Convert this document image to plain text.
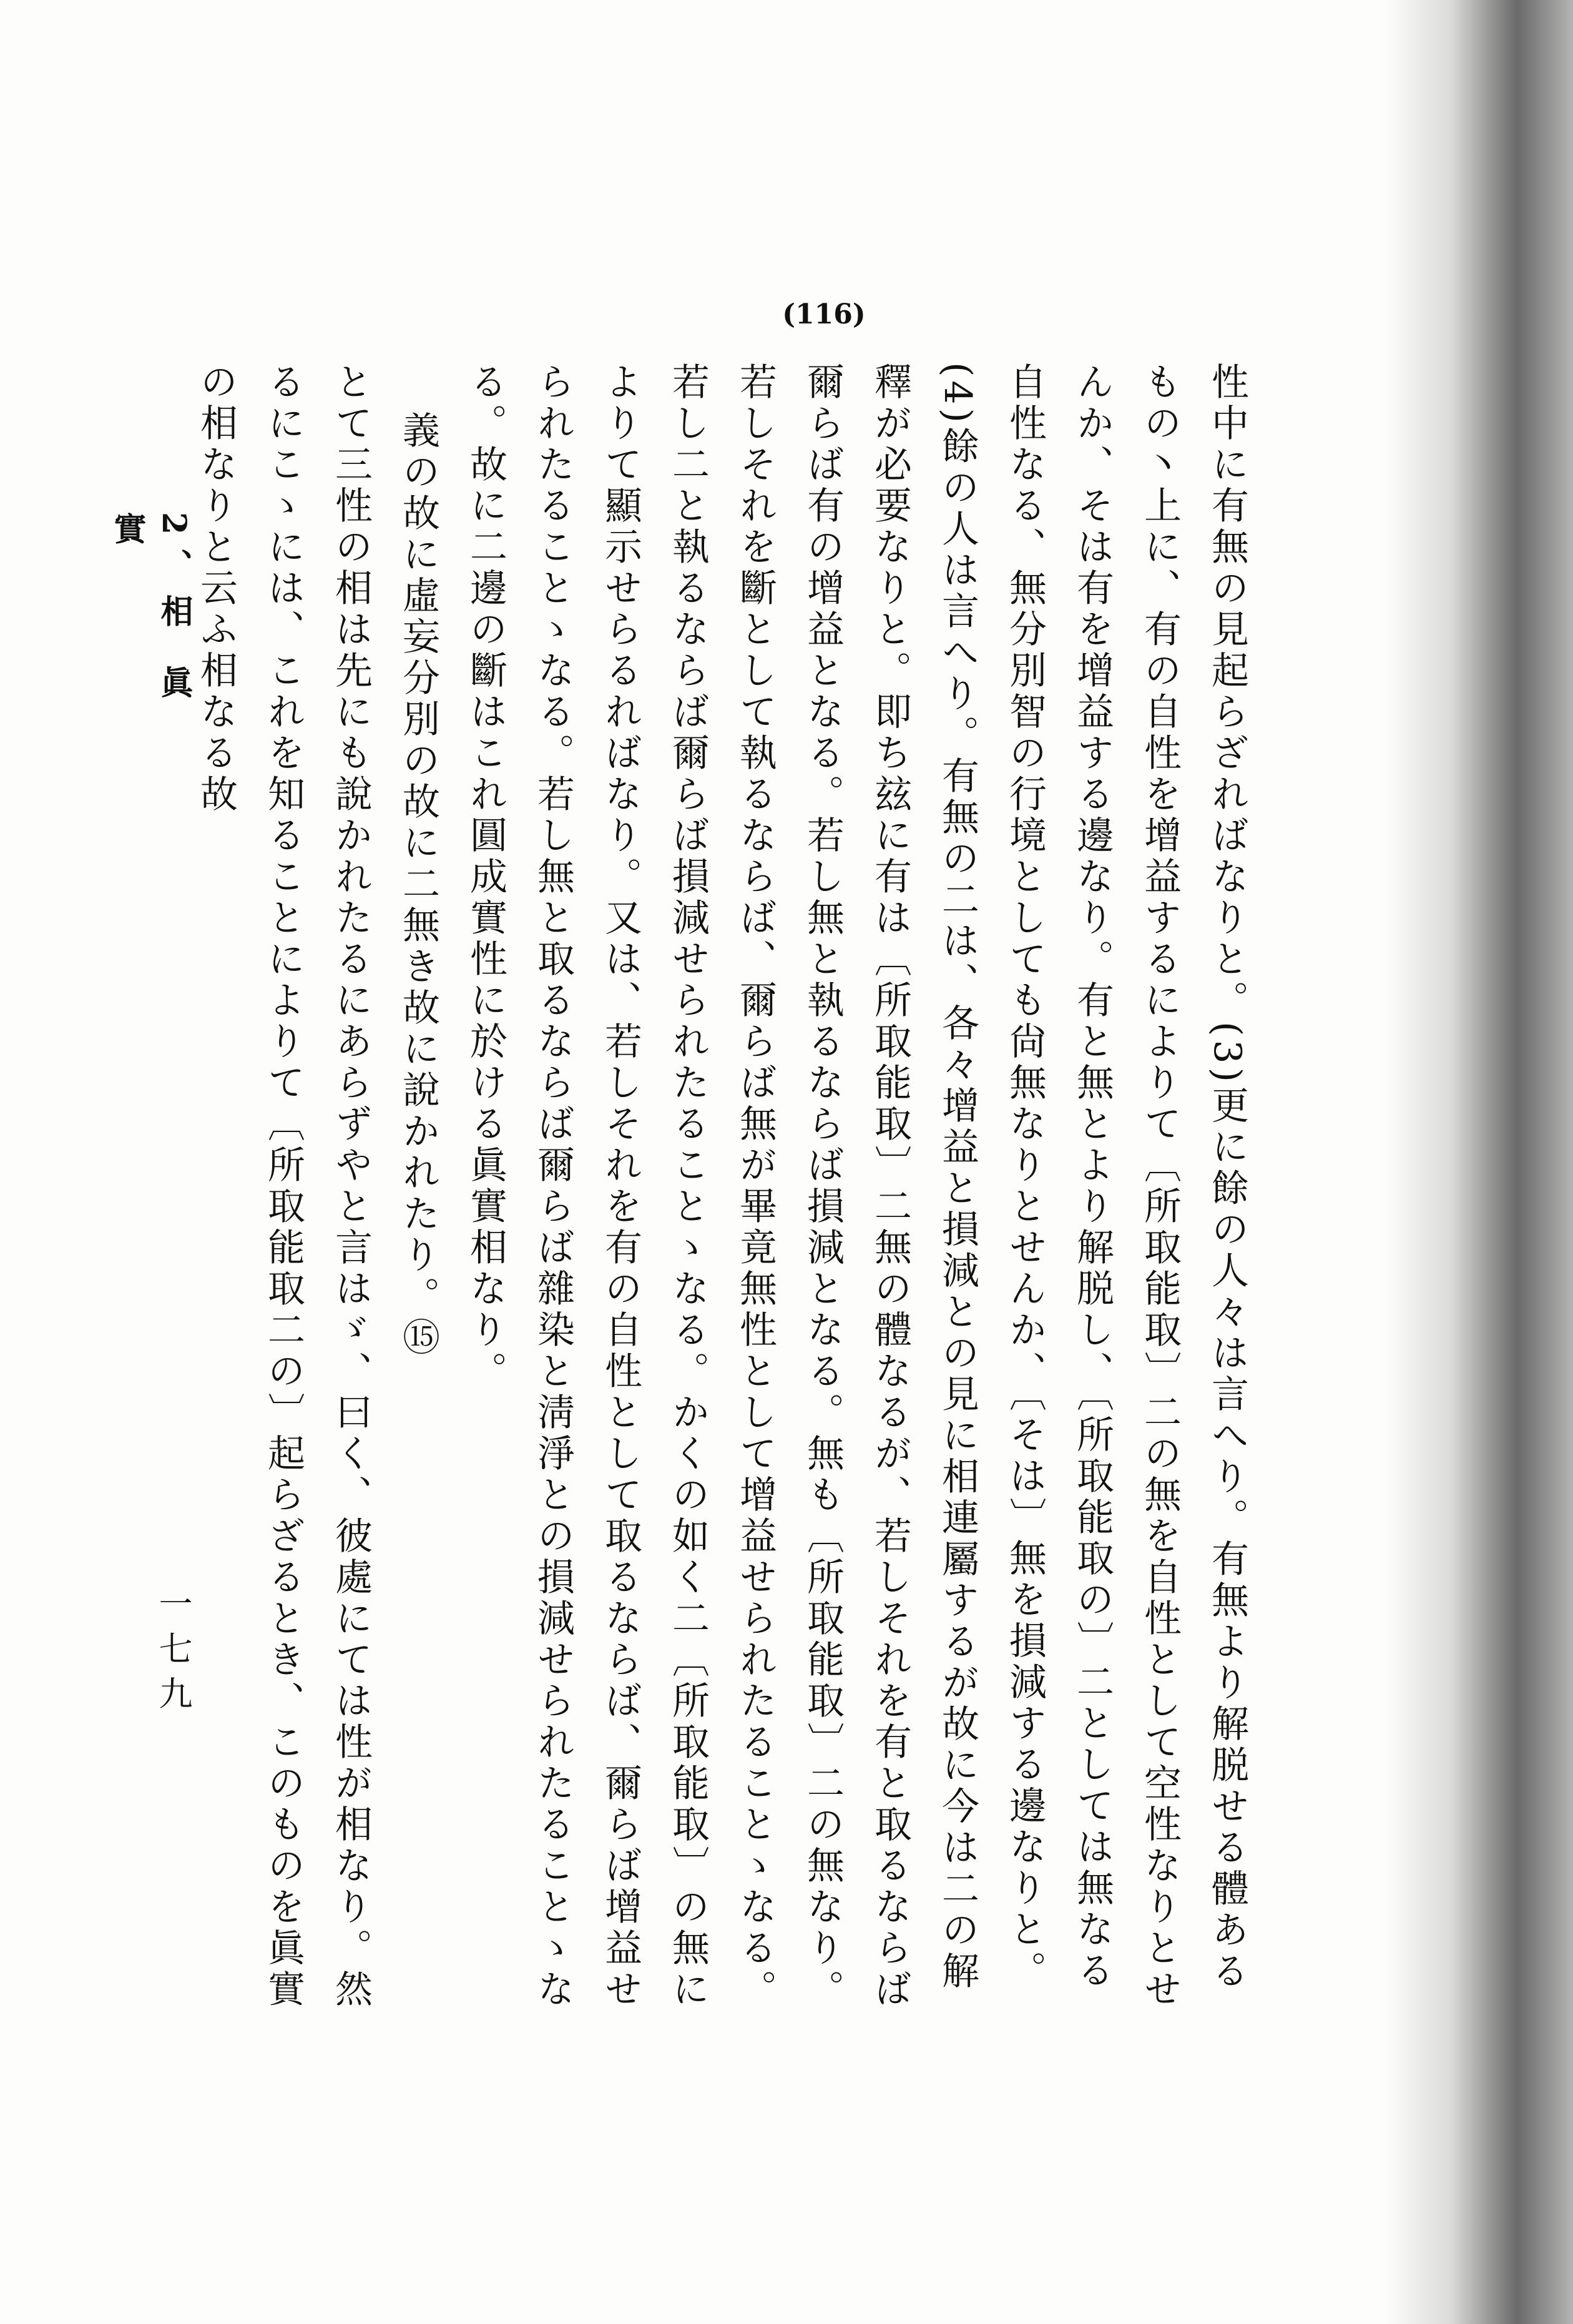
(116)

性中に有無の見起らざればなりと。(3)更に餘の人々は言へり。有無より解脱せる體あるもの丶上に、有の自性を增益するによりて〔所取能取〕二の無を自性として空性なりとせんか、そは有を增益する邊なり。有と無とより解脱し、〔所取能取の〕二としては無なる自性なる、無分別智の行境としても尙無なりとせんか、〔そは〕無を損減する邊なりと。(4)餘の人は言へり。有無の二は、各々增益と損減との見に相連屬するが故に今は二の解釋が必要なりと。即ち玆に有は〔所取能取〕二無の體なるが、若しそれを有と取るならば爾らば有の增益となる。若し無と執るならば損減となる。無も〔所取能取〕二の無なり。若しそれを斷として執るならば、爾らば無が畢竟無性として增益せられたることゝなる。若し二と執るならば爾らば損減せられたることゝなる。かくの如く二〔所取能取〕の無によりて顯示せらるればなり。又は、若しそれを有の自性として取るならば、爾らば增益せられたることゝなる。若し無と取るならば爾らば雜染と淸淨との損減せられたることゝなる。故に二邊の斷はこれ圓成實性に於ける眞實相なり。

義の故に虛妄分別の故に二無き故に說かれたり。⑮

とて三性の相は先にも說かれたるにあらずやと言はゞ、曰く、彼處にては性が相なり。然るにこゝには、これを知ることによりて〔所取能取二の〕起らざるとき、このものを眞實の相なりと云ふ相なる故

2、相 眞 實
一七九
